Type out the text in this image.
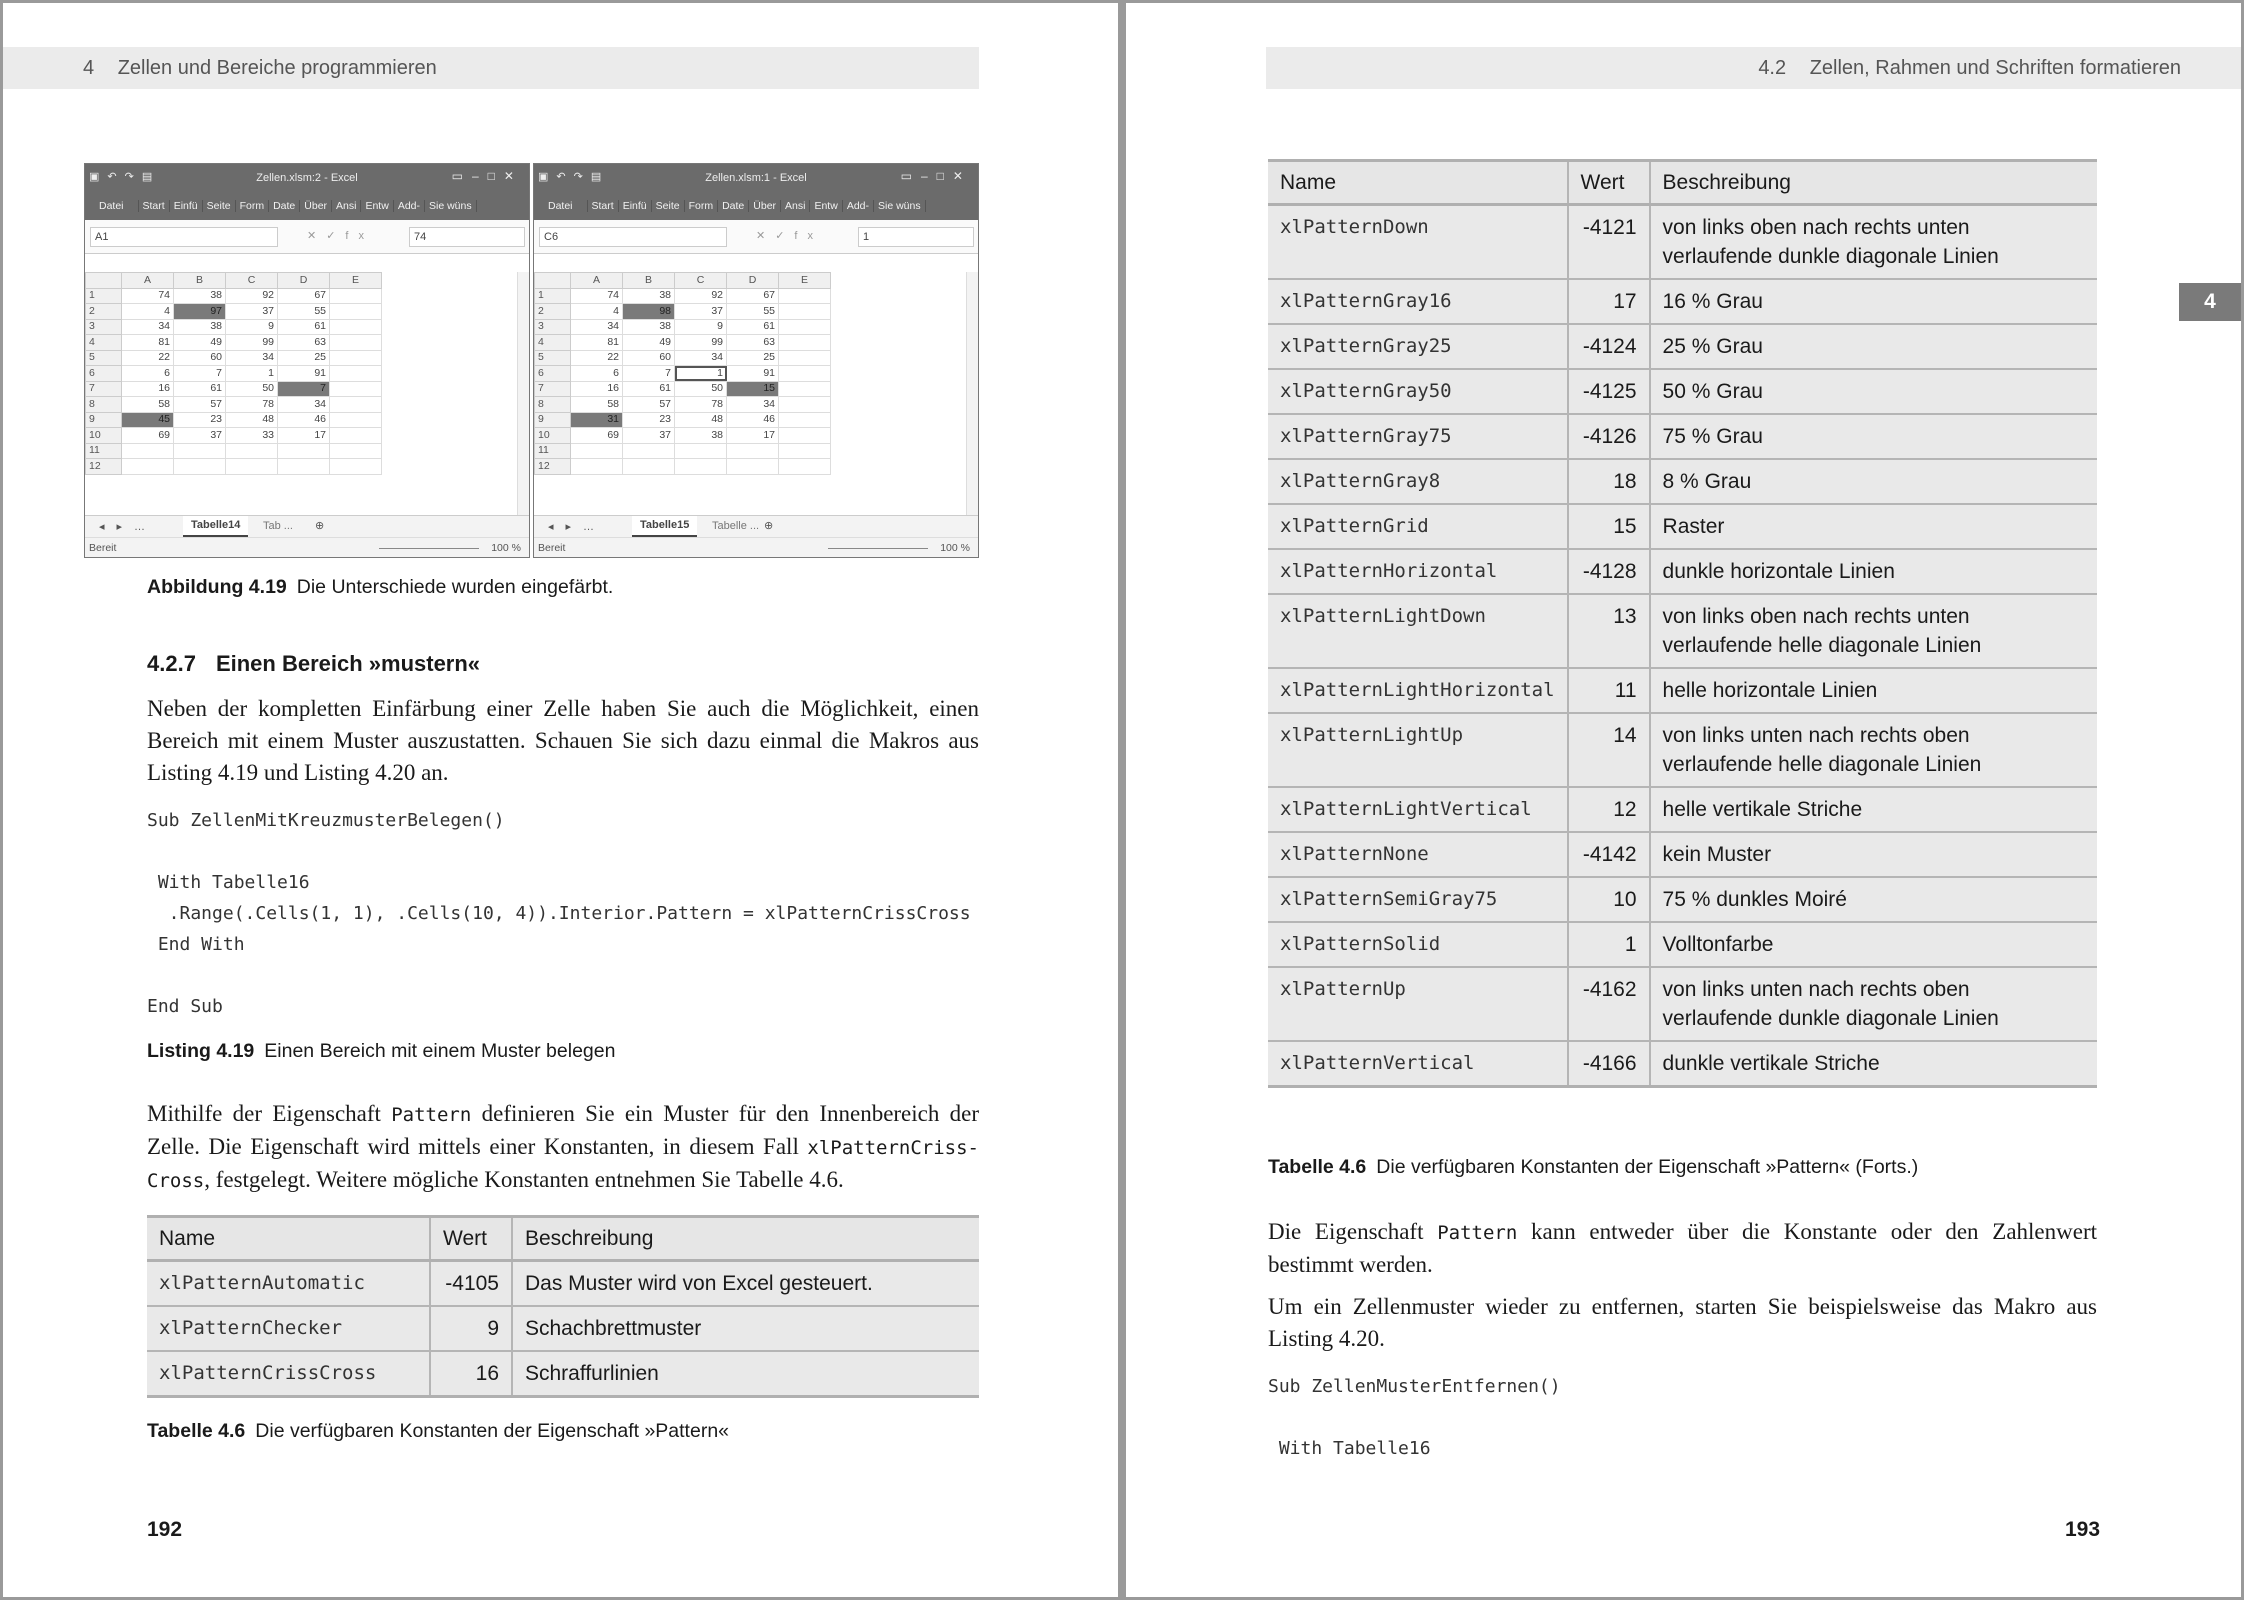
4 Zellen und Bereiche programmieren
▣↶↷▤	Zellen.xlsm:2 - Excel	▭–□✕
Datei	Start Einfü Seite Form Date Über Ansi Entw Add- Sie wüns
A1	✕✓fx	74
	A	B	C	D	E
1	74	38	92	67	
2	4	97	37	55	
3	34	38	9	61	
4	81	49	99	63	
5	22	60	34	25	
6	6	7	1	91	
7	16	61	50	7	
8	58	57	78	34	
9	45	23	48	46	
10	69	37	33	17	
11					
12					
◂▸…	Tabelle14	Tab ... ⊕
Bereit	100 %
▣↶↷▤	Zellen.xlsm:1 - Excel	▭–□✕
Datei	Start Einfü Seite Form Date Über Ansi Entw Add- Sie wüns
C6	✕✓fx	1
	A	B	C	D	E
1	74	38	92	67	
2	4	98	37	55	
3	34	38	9	61	
4	81	49	99	63	
5	22	60	34	25	
6	6	7	1	91	
7	16	61	50	15	
8	58	57	78	34	
9	31	23	48	46	
10	69	37	38	17	
11					
12					
◂▸…	Tabelle15	Tabelle ... ⊕
Bereit	100 %
Abbildung 4.19 Die Unterschiede wurden eingefärbt.
4.2.7 Einen Bereich »mustern«

Neben der kompletten Einfärbung einer Zelle haben Sie auch die Möglichkeit, einen Bereich mit einem Muster auszustatten. Schauen Sie sich dazu einmal die Makros aus Listing 4.19 und Listing 4.20 an.

Sub ZellenMitKreuzmusterBelegen()

With Tabelle16
.Range(.Cells(1, 1), .Cells(10, 4)).Interior.Pattern = xlPatternCrissCross
End With

End Sub
Listing 4.19 Einen Bereich mit einem Muster belegen

Mithilfe der Eigenschaft Pattern definieren Sie ein Muster für den Innenbereich der Zelle. Die Eigenschaft wird mittels einer Konstanten, in diesem Fall xlPatternCriss-Cross, festgelegt. Weitere mögliche Konstanten entnehmen Sie Tabelle 4.6.

Name	Wert	Beschreibung
xlPatternAutomatic	-4105	Das Muster wird von Excel gesteuert.
xlPatternChecker	9	Schachbrettmuster
xlPatternCrissCross	16	Schraffurlinien
Tabelle 4.6 Die verfügbaren Konstanten der Eigenschaft »Pattern«
192
4.2 Zellen, Rahmen und Schriften formatieren
Name	Wert	Beschreibung
xlPatternDown	-4121	von links oben nach rechts unten verlaufende dunkle diagonale Linien
xlPatternGray16	17	16 % Grau
xlPatternGray25	-4124	25 % Grau
xlPatternGray50	-4125	50 % Grau
xlPatternGray75	-4126	75 % Grau
xlPatternGray8	18	8 % Grau
xlPatternGrid	15	Raster
xlPatternHorizontal	-4128	dunkle horizontale Linien
xlPatternLightDown	13	von links oben nach rechts unten verlaufende helle diagonale Linien
xlPatternLightHorizontal	11	helle horizontale Linien
xlPatternLightUp	14	von links unten nach rechts oben verlaufende helle diagonale Linien
xlPatternLightVertical	12	helle vertikale Striche
xlPatternNone	-4142	kein Muster
xlPatternSemiGray75	10	75 % dunkles Moiré
xlPatternSolid	1	Volltonfarbe
xlPatternUp	-4162	von links unten nach rechts oben verlaufende dunkle diagonale Linien
xlPatternVertical	-4166	dunkle vertikale Striche
Tabelle 4.6 Die verfügbaren Konstanten der Eigenschaft »Pattern« (Forts.)

Die Eigenschaft Pattern kann entweder über die Konstante oder den Zahlenwert bestimmt werden.

Um ein Zellenmuster wieder zu entfernen, starten Sie beispielsweise das Makro aus Listing 4.20.

Sub ZellenMusterEntfernen()

With Tabelle16
193
4
